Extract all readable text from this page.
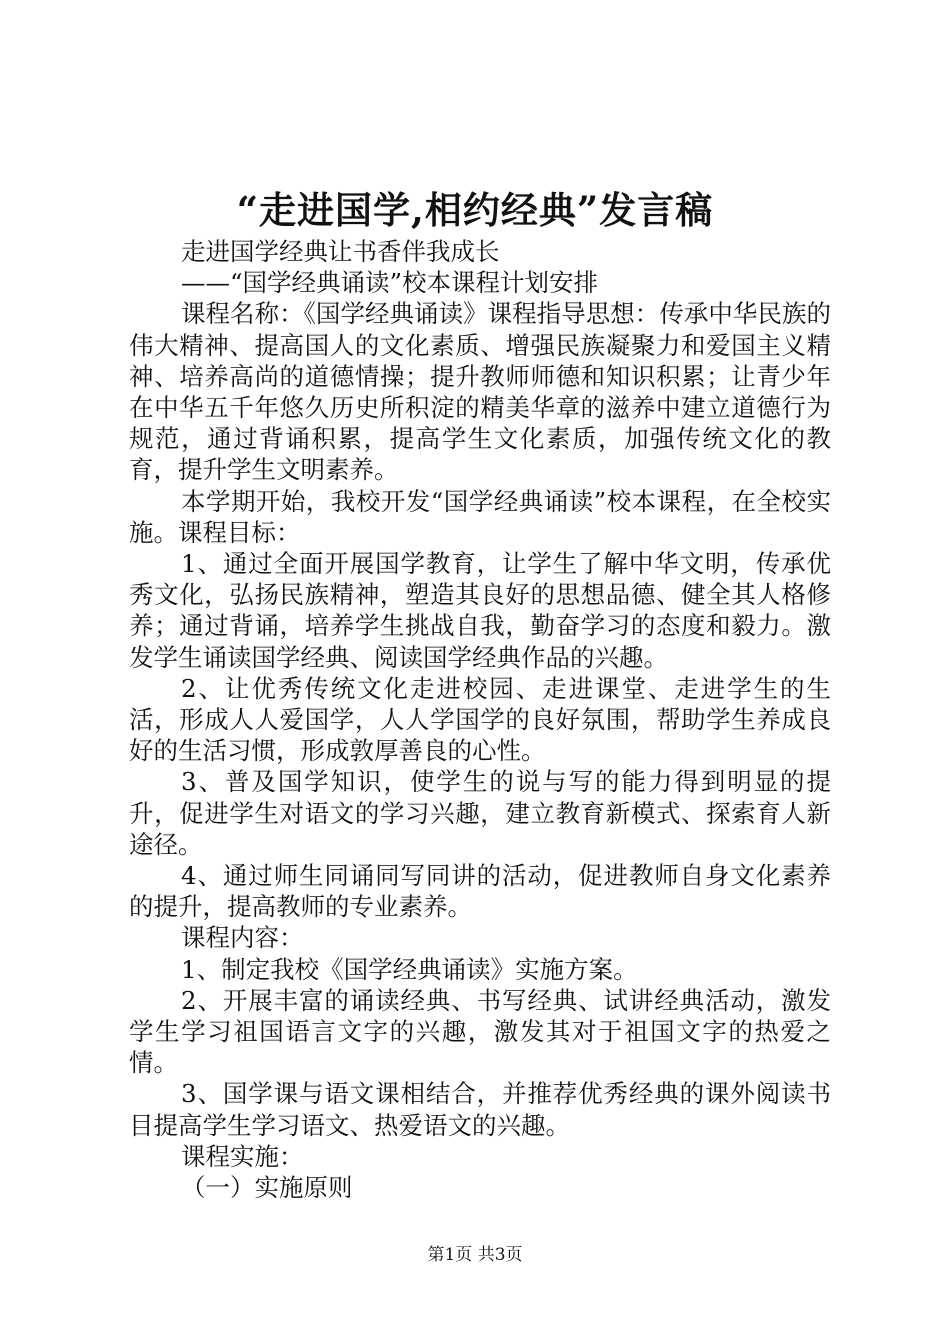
“走进国学,相约经典”发言稿

走进国学经典让书香伴我成长

——“国学经典诵读”校本课程计划安排

课程名称：《国学经典诵读》课程指导思想：传承中华民族的伟大精神、提高国人的文化素质、增强民族凝聚力和爱国主义精神、培养高尚的道德情操；提升教师师德和知识积累；让青少年在中华五千年悠久历史所积淀的精美华章的滋养中建立道德行为规范，通过背诵积累，提高学生文化素质，加强传统文化的教育，提升学生文明素养。

本学期开始，我校开发“国学经典诵读”校本课程，在全校实施。课程目标：

1、通过全面开展国学教育，让学生了解中华文明，传承优秀文化，弘扬民族精神，塑造其良好的思想品德、健全其人格修养；通过背诵，培养学生挑战自我，勤奋学习的态度和毅力。激发学生诵读国学经典、阅读国学经典作品的兴趣。

2、让优秀传统文化走进校园、走进课堂、走进学生的生活，形成人人爱国学，人人学国学的良好氛围，帮助学生养成良好的生活习惯，形成敦厚善良的心性。

3、普及国学知识，使学生的说与写的能力得到明显的提升，促进学生对语文的学习兴趣，建立教育新模式、探索育人新途径。

4、通过师生同诵同写同讲的活动，促进教师自身文化素养的提升，提高教师的专业素养。

课程内容：

1、制定我校《国学经典诵读》实施方案。

2、开展丰富的诵读经典、书写经典、试讲经典活动，激发学生学习祖国语言文字的兴趣，激发其对于祖国文字的热爱之情。

3、国学课与语文课相结合，并推荐优秀经典的课外阅读书目提高学生学习语文、热爱语文的兴趣。

课程实施：

（一）实施原则

第1页 共3页
